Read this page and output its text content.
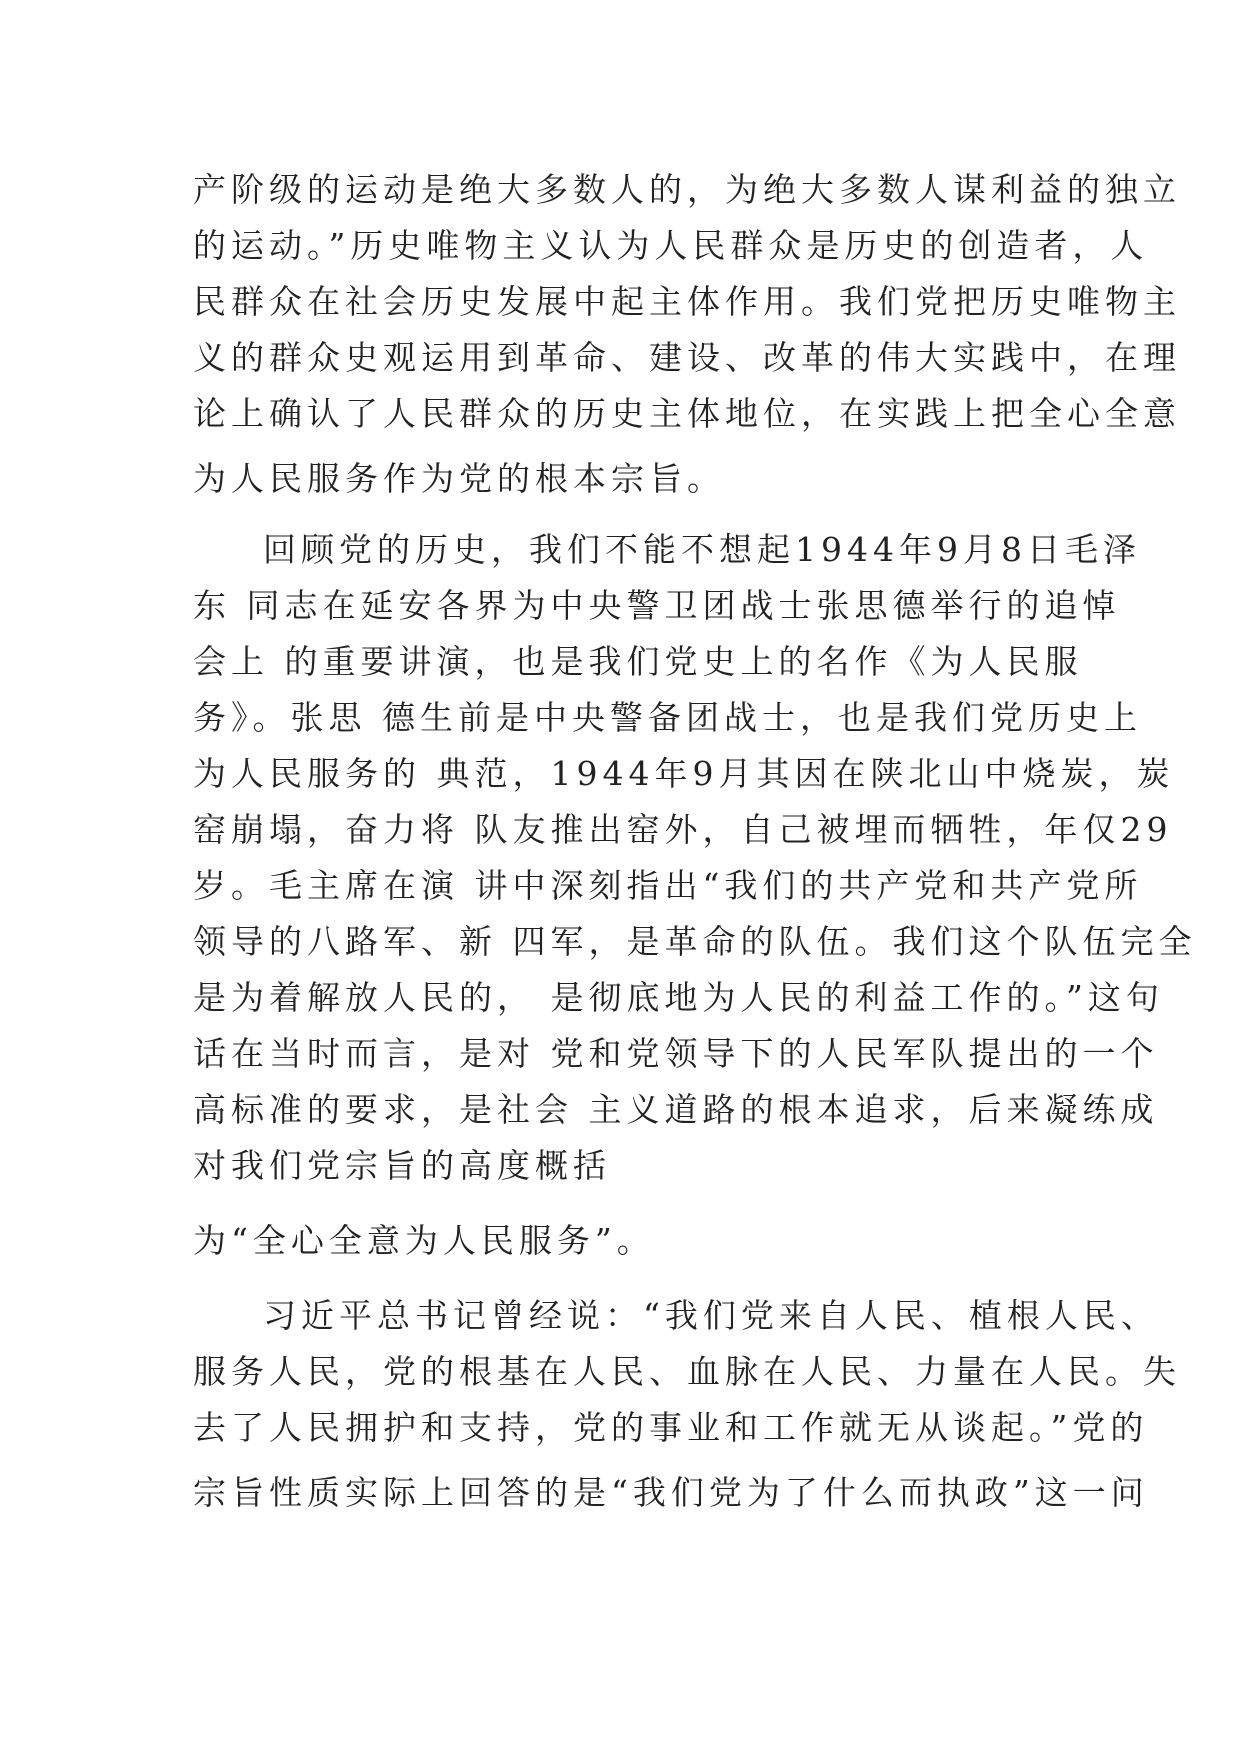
产阶级的运动是绝大多数人的，为绝大多数人谋利益的独立
的运动。”历史唯物主义认为人民群众是历史的创造者，人
民群众在社会历史发展中起主体作用。我们党把历史唯物主
义的群众史观运用到革命、建设、改革的伟大实践中，在理
论上确认了人民群众的历史主体地位，在实践上把全心全意
为人民服务作为党的根本宗旨。
回顾党的历史，我们不能不想起1944年9月8日毛泽
东 同志在延安各界为中央警卫团战士张思德举行的追悼
会上 的重要讲演，也是我们党史上的名作《为人民服
务》。张思 德生前是中央警备团战士，也是我们党历史上
为人民服务的 典范，1944年9月其因在陕北山中烧炭，炭
窑崩塌，奋力将 队友推出窑外，自己被埋而牺牲，年仅29
岁。毛主席在演 讲中深刻指出“我们的共产党和共产党所
领导的八路军、新 四军，是革命的队伍。我们这个队伍完全
是为着解放人民的， 是彻底地为人民的利益工作的。”这句
话在当时而言，是对 党和党领导下的人民军队提出的一个
高标准的要求，是社会 主义道路的根本追求，后来凝练成
对我们党宗旨的高度概括
为“全心全意为人民服务”。
习近平总书记曾经说：“我们党来自人民、植根人民、
服务人民，党的根基在人民、血脉在人民、力量在人民。失
去了人民拥护和支持，党的事业和工作就无从谈起。”党的
宗旨性质实际上回答的是“我们党为了什么而执政”这一问
